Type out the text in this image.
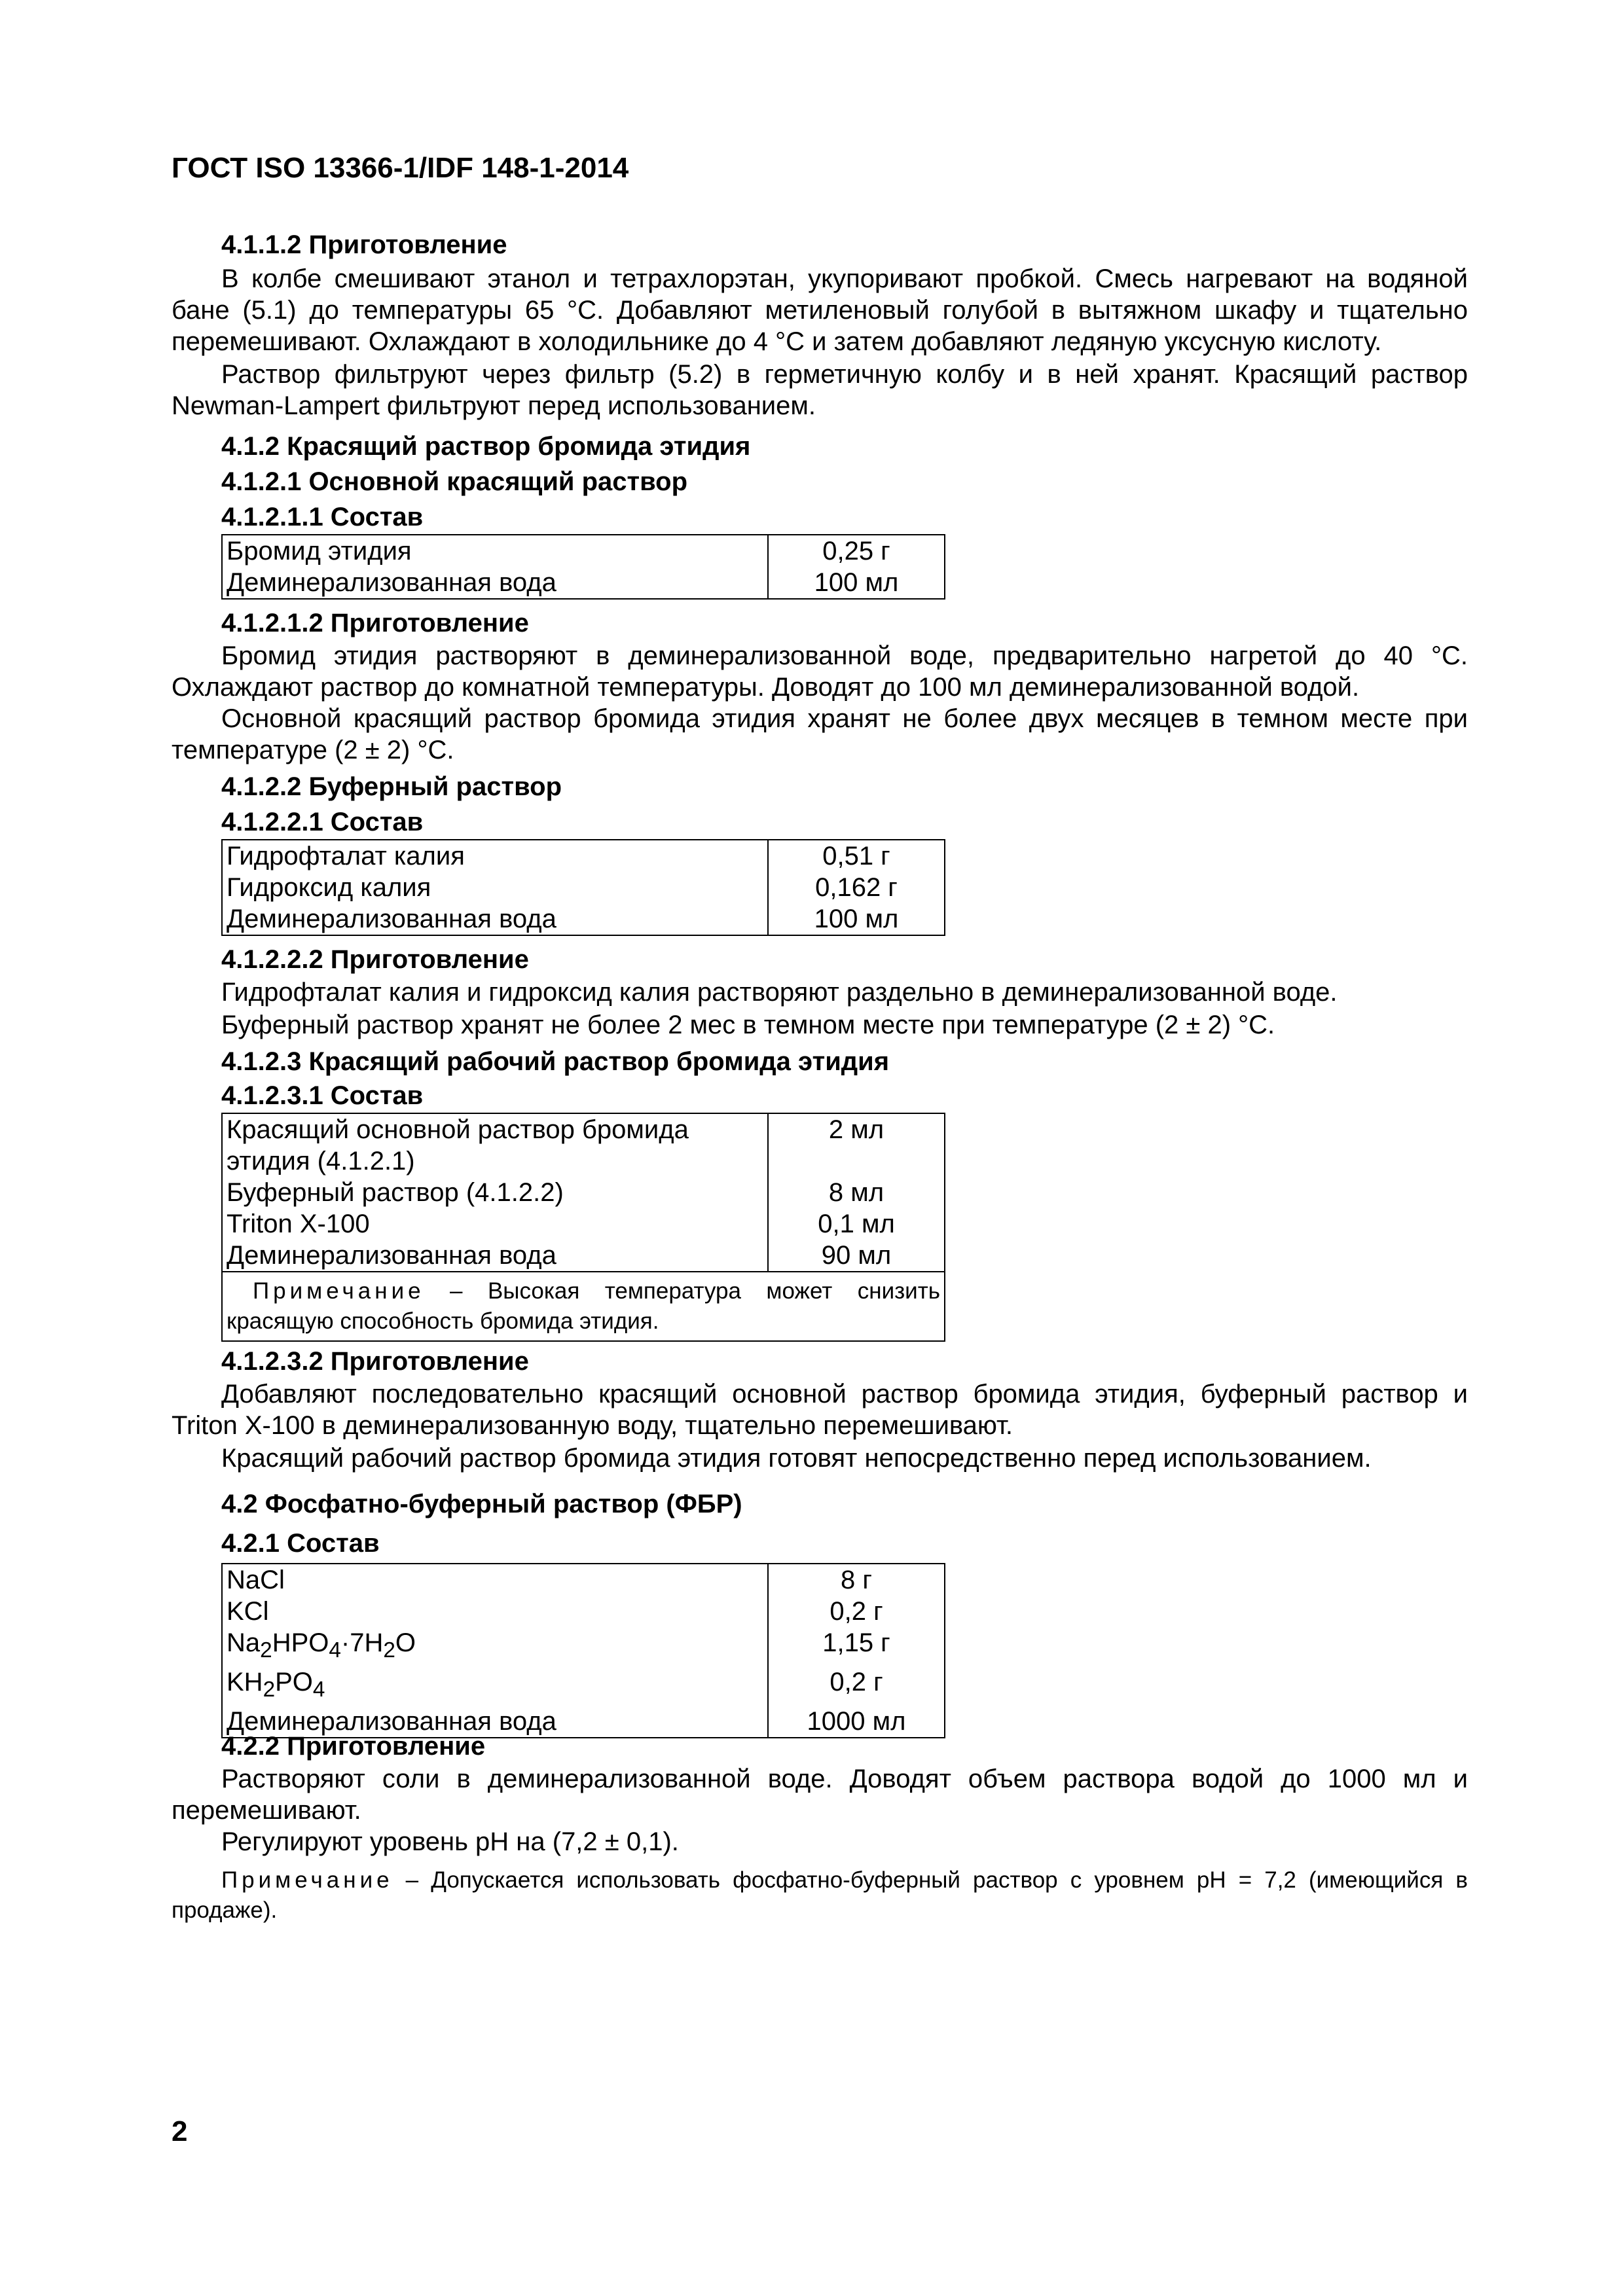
ГОСТ ISO 13366-1/IDF 148-1-2014
4.1.1.2 Приготовление

В колбе смешивают этанол и тетрахлорэтан, укупоривают пробкой. Смесь нагревают на водяной бане (5.1) до температуры 65 °С. Добавляют метиленовый голубой в вытяжном шкафу и тщательно перемешивают. Охлаждают в холодильнике до 4 °С и затем добавляют ледяную уксусную кислоту.

Раствор фильтруют через фильтр (5.2) в герметичную колбу и в ней хранят. Красящий раствор Newman-Lampert фильтруют перед использованием.

4.1.2 Красящий раствор бромида этидия
4.1.2.1 Основной красящий раствор
4.1.2.1.1 Состав
Бромид этидия	0,25 г
Деминерализованная вода	100 мл
4.1.2.1.2 Приготовление

Бромид этидия растворяют в деминерализованной воде, предварительно нагретой до 40 °С. Охлаждают раствор до комнатной температуры. Доводят до 100 мл деминерализованной водой.

Основной красящий раствор бромида этидия хранят не более двух месяцев в темном месте при температуре (2 ± 2) °С.

4.1.2.2 Буферный раствор
4.1.2.2.1 Состав
Гидрофталат калия	0,51 г
Гидроксид калия	0,162 г
Деминерализованная вода	100 мл
4.1.2.2.2 Приготовление
Гидрофталат калия и гидроксид калия растворяют раздельно в деминерализованной воде.
Буферный раствор хранят не более 2 мес в темном месте при температуре (2 ± 2) °С.
4.1.2.3 Красящий рабочий раствор бромида этидия
4.1.2.3.1 Состав
Красящий основной раствор бромида
этидия (4.1.2.1)	2 мл
Буферный раствор (4.1.2.2)	8 мл
Triton X-100	0,1 мл
Деминерализованная вода	90 мл
Примечание – Высокая температура может снизить красящую способность бромида этидия.	
4.1.2.3.2 Приготовление

Добавляют последовательно красящий основной раствор бромида этидия, буферный раствор и Triton X-100 в деминерализованную воду, тщательно перемешивают.

Красящий рабочий раствор бромида этидия готовят непосредственно перед использованием.
4.2 Фосфатно-буферный раствор (ФБР)
4.2.1 Состав
NaCl	8 г
KCl	0,2 г
$Na_2HPO_4\cdot 7H_2O$	1,15 г
$KH_2PO_4$	0,2 г
Деминерализованная вода	1000 мл
4.2.2 Приготовление

Растворяют соли в деминерализованной воде. Доводят объем раствора водой до 1000 мл и перемешивают.

Регулируют уровень pH на (7,2 ± 0,1).

Примечание – Допускается использовать фосфатно-буферный раствор с уровнем pH = 7,2 (имеющийся в продаже).

2
